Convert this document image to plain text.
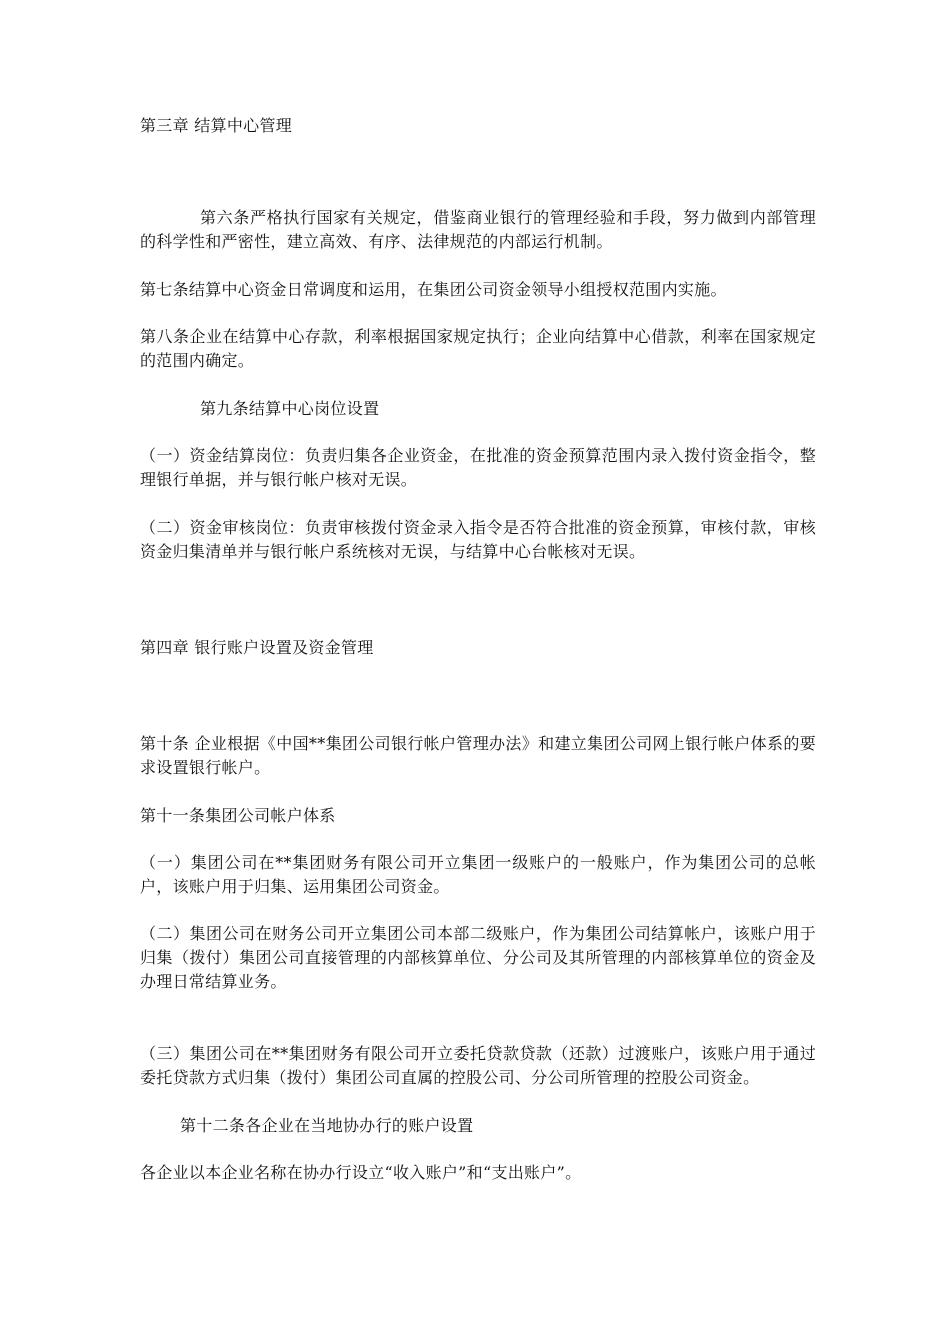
第三章 结算中心管理

第六条严格执行国家有关规定，借鉴商业银行的管理经验和手段，努力做到内部管理的科学性和严密性，建立高效、有序、法律规范的内部运行机制。

第七条结算中心资金日常调度和运用，在集团公司资金领导小组授权范围内实施。

第八条企业在结算中心存款，利率根据国家规定执行；企业向结算中心借款，利率在国家规定的范围内确定。

第九条结算中心岗位设置

（一）资金结算岗位：负责归集各企业资金，在批准的资金预算范围内录入拨付资金指令，整理银行单据，并与银行帐户核对无误。

（二）资金审核岗位：负责审核拨付资金录入指令是否符合批准的资金预算，审核付款，审核资金归集清单并与银行帐户系统核对无误，与结算中心台帐核对无误。

第四章 银行账户设置及资金管理

第十条 企业根据《中国**集团公司银行帐户管理办法》和建立集团公司网上银行帐户体系的要求设置银行帐户。

第十一条集团公司帐户体系

（一）集团公司在**集团财务有限公司开立集团一级账户的一般账户，作为集团公司的总帐户，该账户用于归集、运用集团公司资金。

（二）集团公司在财务公司开立集团公司本部二级账户，作为集团公司结算帐户，该账户用于归集（拨付）集团公司直接管理的内部核算单位、分公司及其所管理的内部核算单位的资金及办理日常结算业务。

（三）集团公司在**集团财务有限公司开立委托贷款贷款（还款）过渡账户，该账户用于通过委托贷款方式归集（拨付）集团公司直属的控股公司、分公司所管理的控股公司资金。

第十二条各企业在当地协办行的账户设置

各企业以本企业名称在协办行设立“收入账户”和“支出账户”。
